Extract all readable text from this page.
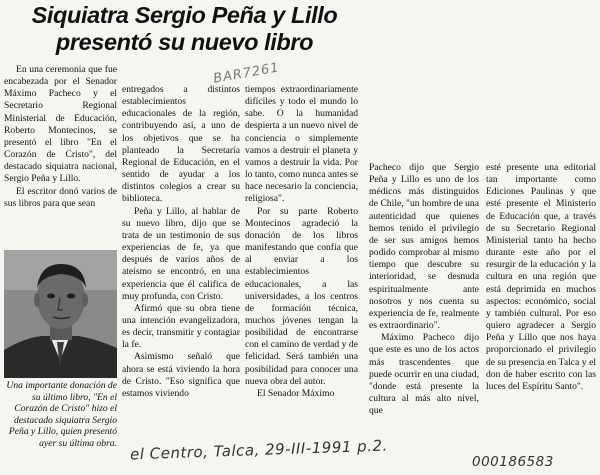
Siquiatra Sergio Peña y Lillo
presentó su nuevo libro

En una ceremonia que fue encabezada por el Senador Máximo Pacheco y el Secretario Regional Ministerial de Educación, Roberto Montecinos, se presentó el libro "En el Corazón de Cristo", del destacado siquiatra nacional, Sergio Peña y Lillo.

El escritor donó varios de sus libros para que sean

Una importante donación de su último libro, "En el Corazón de Cristo" hizo el destacado siquiatra Sergio Peña y Lillo, quien presentó ayer su última obra.

entregados a distintos establecimientos educacionales de la región, contribuyendo así, a uno de los objetivos que se ha planteado la Secretaría Regional de Educación, en el sentido de ayudar a los distintos colegios a crear su biblioteca.

Peña y Lillo, al hablar de su nuevo libro, dijo que se trata de un testimonio de sus experiencias de fe, ya que después de varios años de ateísmo se encontró, en una experiencia que él califica de muy profunda, con Cristo.

Afirmó que su obra tiene una intención evangelizadora, es decir, transmitir y contagiar la fe.

Asimismo señaló que ahora se está viviendo la hora de Cristo. "Eso significa que estamos viviendo

tiempos extraordinariamente difíciles y todo el mundo lo sabe. O la humanidad despierta a un nuevo nivel de conciencia o simplemente vamos a destruir el planeta y vamos a destruir la vida. Por lo tanto, como nunca antes se hace necesario la conciencia, religiosa".

Por su parte Roberto Montecinos agradeció la donación de los libros manifestando que confía que al enviar a los establecimientos educacionales, a las universidades, a los centros de formación técnica, muchos jóvenes tengan la posibilidad de encontrarse con el camino de verdad y de felicidad. Será también una posibilidad para conocer una nueva obra del autor.

El Senador Máximo

Pacheco dijo que Sergio Peña y Lillo es uno de los médicos más distinguidos de Chile, "un hombre de una autenticidad que quienes hemos tenido el privilegio de ser sus amigos hemos podido comprobar al mismo tiempo que descubre su interioridad, se desnuda espiritualmente ante nosotros y nos cuenta su experiencia de fe, realmente es extraordinario".

Máximo Pacheco dijo que este es uno de los actos más trascendentes que puede ocurrir en una ciudad, "donde está presente la cultura al más alto nivel, que

esté presente una editorial tan importante como Ediciones Paulinas y que esté presente el Ministerio de Educación que, a través de su Secretario Regional Ministerial tanto ha hecho durante este año por el resurgir de la educación y la cultura en una región que está deprimida en muchos aspectos: económico, social y también cultural. Por eso quiero agradecer a Sergio Peña y Lillo que nos haya proporcionado el privilegio de su presencia en Talca y el don de haber escrito con las luces del Espíritu Santo".

BAR7261
el Centro, Talca, 29-III-1991 p.2.	000186583
